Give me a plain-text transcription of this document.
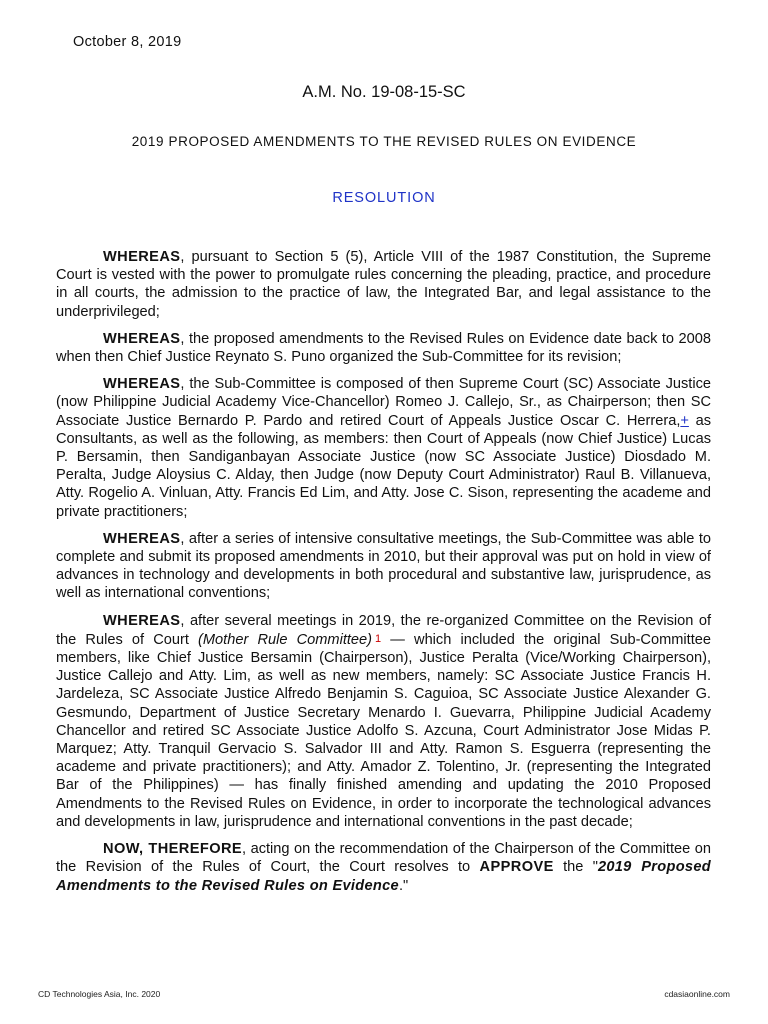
October 8, 2019
A.M. No. 19-08-15-SC
2019 PROPOSED AMENDMENTS TO THE REVISED RULES ON EVIDENCE
RESOLUTION

WHEREAS, pursuant to Section 5 (5), Article VIII of the 1987 Constitution, the Supreme Court is vested with the power to promulgate rules concerning the pleading, practice, and procedure in all courts, the admission to the practice of law, the Integrated Bar, and legal assistance to the underprivileged;

WHEREAS, the proposed amendments to the Revised Rules on Evidence date back to 2008 when then Chief Justice Reynato S. Puno organized the Sub-Committee for its revision;

WHEREAS, the Sub-Committee is composed of then Supreme Court (SC) Associate Justice (now Philippine Judicial Academy Vice-Chancellor) Romeo J. Callejo, Sr., as Chairperson; then SC Associate Justice Bernardo P. Pardo and retired Court of Appeals Justice Oscar C. Herrera,+ as Consultants, as well as the following, as members: then Court of Appeals (now Chief Justice) Lucas P. Bersamin, then Sandiganbayan Associate Justice (now SC Associate Justice) Diosdado M. Peralta, Judge Aloysius C. Alday, then Judge (now Deputy Court Administrator) Raul B. Villanueva, Atty. Rogelio A. Vinluan, Atty. Francis Ed Lim, and Atty. Jose C. Sison, representing the academe and private practitioners;

WHEREAS, after a series of intensive consultative meetings, the Sub-Committee was able to complete and submit its proposed amendments in 2010, but their approval was put on hold in view of advances in technology and developments in both procedural and substantive law, jurisprudence, as well as international conventions;

WHEREAS, after several meetings in 2019, the re-organized Committee on the Revision of the Rules of Court (Mother Rule Committee) 1 — which included the original Sub-Committee members, like Chief Justice Bersamin (Chairperson), Justice Peralta (Vice/Working Chairperson), Justice Callejo and Atty. Lim, as well as new members, namely: SC Associate Justice Francis H. Jardeleza, SC Associate Justice Alfredo Benjamin S. Caguioa, SC Associate Justice Alexander G. Gesmundo, Department of Justice Secretary Menardo I. Guevarra, Philippine Judicial Academy Chancellor and retired SC Associate Justice Adolfo S. Azcuna, Court Administrator Jose Midas P. Marquez; Atty. Tranquil Gervacio S. Salvador III and Atty. Ramon S. Esguerra (representing the academe and private practitioners); and Atty. Amador Z. Tolentino, Jr. (representing the Integrated Bar of the Philippines) — has finally finished amending and updating the 2010 Proposed Amendments to the Revised Rules on Evidence, in order to incorporate the technological advances and developments in law, jurisprudence and international conventions in the past decade;

NOW, THEREFORE, acting on the recommendation of the Chairperson of the Committee on the Revision of the Rules of Court, the Court resolves to APPROVE the "2019 Proposed Amendments to the Revised Rules on Evidence."

CD Technologies Asia, Inc. 2020	cdasiaonline.com
